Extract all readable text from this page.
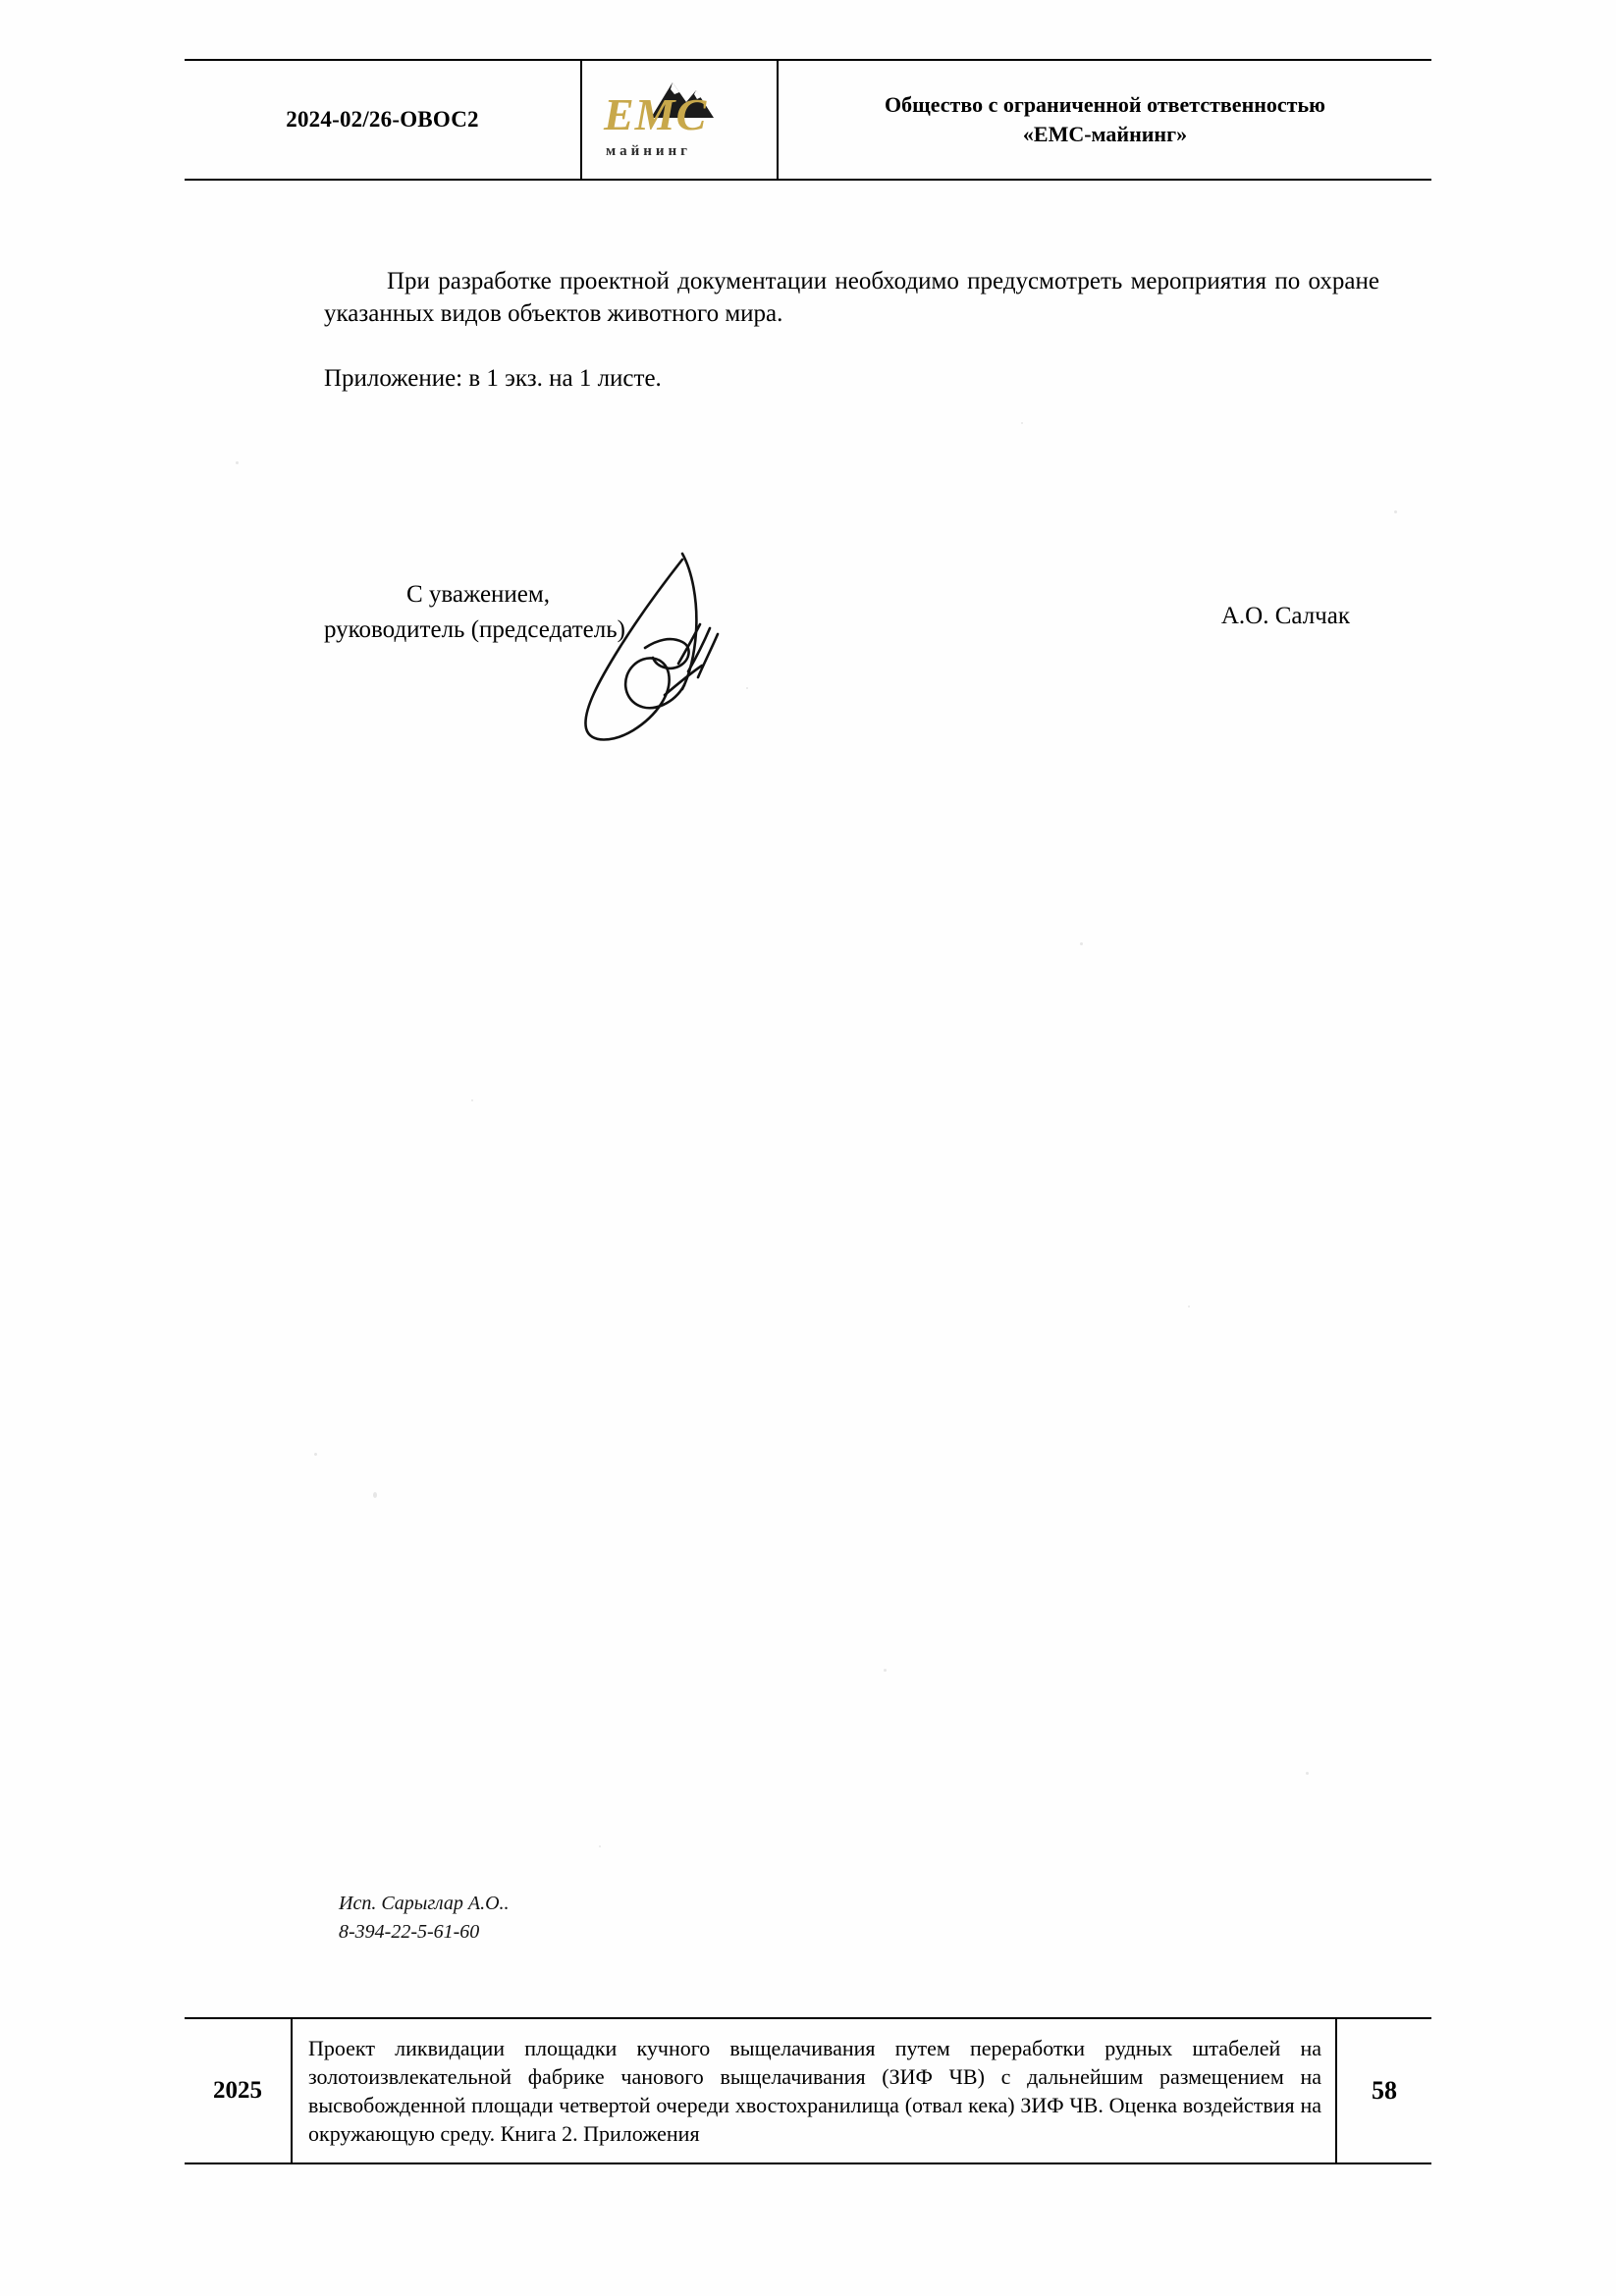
2024-02/26-ОВОС2	EMC
майнинг
Общество с ограниченной ответственностью
«ЕМС-майнинг»

При разработке проектной документации необходимо предусмотреть мероприятия по охране указанных видов объектов животного мира.

Приложение: в 1 экз. на 1 листе.

С уважением,
руководитель (председатель)
А.О. Салчак
Исп. Сарыглар А.О..
8-394-22-5-61-60
2025
Проект ликвидации площадки кучного выщелачивания путем переработки рудных штабелей на золотоизвлекательной фабрике чанового выщелачивания (ЗИФ ЧВ) с дальнейшим размещением на высвобожденной площади четвертой очереди хвостохранилища (отвал кека) ЗИФ ЧВ. Оценка воздействия на окружающую среду. Книга 2. Приложения
58
